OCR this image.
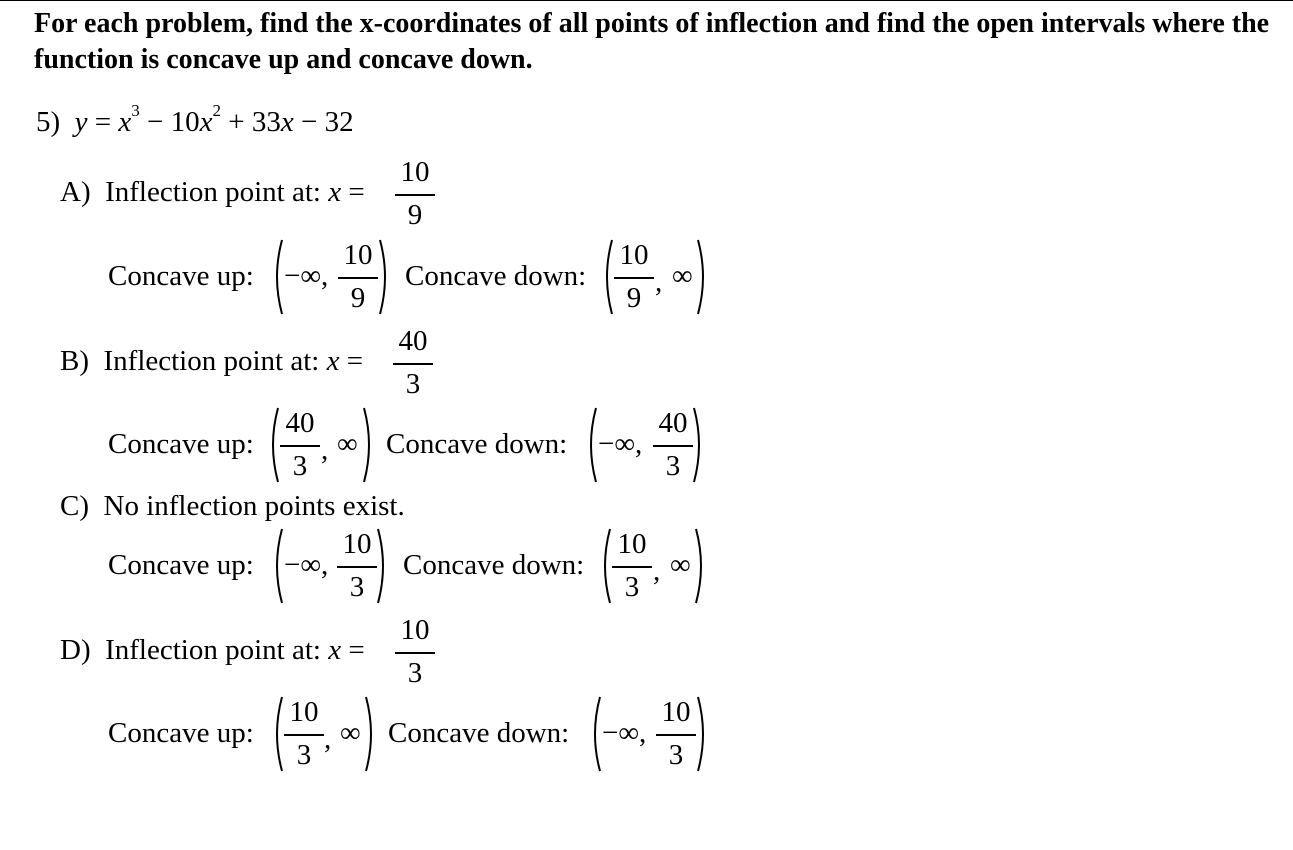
For each problem, find the x-coordinates of all points of inflection and find the open intervals where the function is concave up and concave down.
5) $y = x^3 - 10x^2 + 33x - 32$
A) Inflection point at: x =
10
9
Concave up: −∞,
10
9
Concave down:
10
9 , ∞
B) Inflection point at: x =
40
3
Concave up:
40
3 , ∞ Concave down: −∞,
40
3
C) No inflection points exist.
Concave up: −∞,
10
3
Concave down:
10
3 , ∞
D) Inflection point at: x =
10
3
Concave up:
10
3 , ∞ Concave down: −∞,
10
3
